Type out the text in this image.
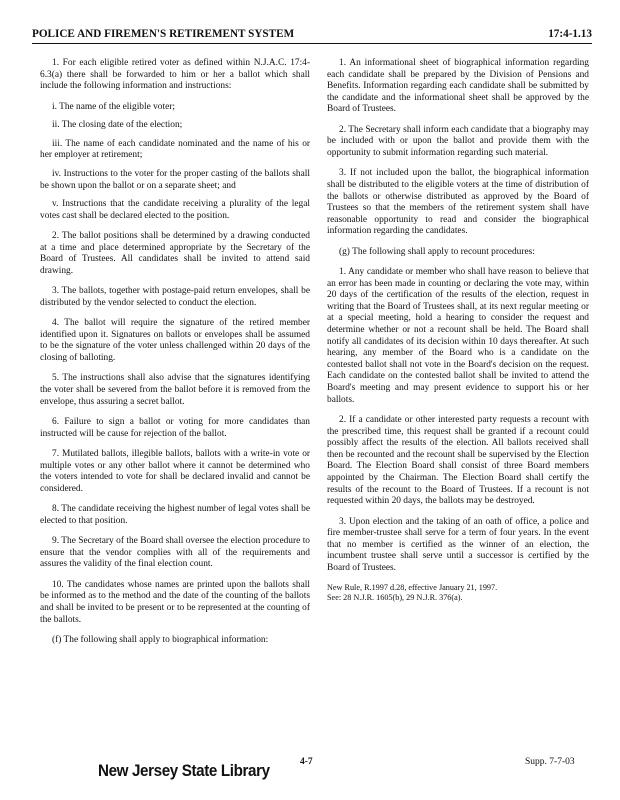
POLICE AND FIREMEN'S RETIREMENT SYSTEM	17:4-1.13

1. For each eligible retired voter as defined within N.J.A.C. 17:4-6.3(a) there shall be forwarded to him or her a ballot which shall include the following information and instructions:

i. The name of the eligible voter;

ii. The closing date of the election;

iii. The name of each candidate nominated and the name of his or her employer at retirement;

iv. Instructions to the voter for the proper casting of the ballots shall be shown upon the ballot or on a separate sheet; and

v. Instructions that the candidate receiving a plurality of the legal votes cast shall be declared elected to the position.

2. The ballot positions shall be determined by a drawing conducted at a time and place determined appropriate by the Secretary of the Board of Trustees. All candidates shall be invited to attend said drawing.

3. The ballots, together with postage-paid return envelopes, shall be distributed by the vendor selected to conduct the election.

4. The ballot will require the signature of the retired member identified upon it. Signatures on ballots or envelopes shall be assumed to be the signature of the voter unless challenged within 20 days of the closing of balloting.

5. The instructions shall also advise that the signatures identifying the voter shall be severed from the ballot before it is removed from the envelope, thus assuring a secret ballot.

6. Failure to sign a ballot or voting for more candidates than instructed will be cause for rejection of the ballot.

7. Mutilated ballots, illegible ballots, ballots with a write-in vote or multiple votes or any other ballot where it cannot be determined who the voters intended to vote for shall be declared invalid and cannot be considered.

8. The candidate receiving the highest number of legal votes shall be elected to that position.

9. The Secretary of the Board shall oversee the election procedure to ensure that the vendor complies with all of the requirements and assures the validity of the final election count.

10. The candidates whose names are printed upon the ballots shall be informed as to the method and the date of the counting of the ballots and shall be invited to be present or to be represented at the counting of the ballots.

(f) The following shall apply to biographical information:

1. An informational sheet of biographical information regarding each candidate shall be prepared by the Division of Pensions and Benefits. Information regarding each candidate shall be submitted by the candidate and the informational sheet shall be approved by the Board of Trustees.

2. The Secretary shall inform each candidate that a biography may be included with or upon the ballot and provide them with the opportunity to submit information regarding such material.

3. If not included upon the ballot, the biographical information shall be distributed to the eligible voters at the time of distribution of the ballots or otherwise distributed as approved by the Board of Trustees so that the members of the retirement system shall have reasonable opportunity to read and consider the biographical information regarding the candidates.

(g) The following shall apply to recount procedures:

1. Any candidate or member who shall have reason to believe that an error has been made in counting or declaring the vote may, within 20 days of the certification of the results of the election, request in writing that the Board of Trustees shall, at its next regular meeting or at a special meeting, hold a hearing to consider the request and determine whether or not a recount shall be held. The Board shall notify all candidates of its decision within 10 days thereafter. At such hearing, any member of the Board who is a candidate on the contested ballot shall not vote in the Board's decision on the request. Each candidate on the contested ballot shall be invited to attend the Board's meeting and may present evidence to support his or her ballots.

2. If a candidate or other interested party requests a recount with the prescribed time, this request shall be granted if a recount could possibly affect the results of the election. All ballots received shall then be recounted and the recount shall be supervised by the Election Board. The Election Board shall consist of three Board members appointed by the Chairman. The Election Board shall certify the results of the recount to the Board of Trustees. If a recount is not requested within 20 days, the ballots may be destroyed.

3. Upon election and the taking of an oath of office, a police and fire member-trustee shall serve for a term of four years. In the event that no member is certified as the winner of an election, the incumbent trustee shall serve until a successor is certified by the Board of Trustees.

New Rule, R.1997 d.28, effective January 21, 1997.

See: 28 N.J.R. 1605(b), 29 N.J.R. 376(a).

New Jersey State Library	4-7	Supp. 7-7-03
